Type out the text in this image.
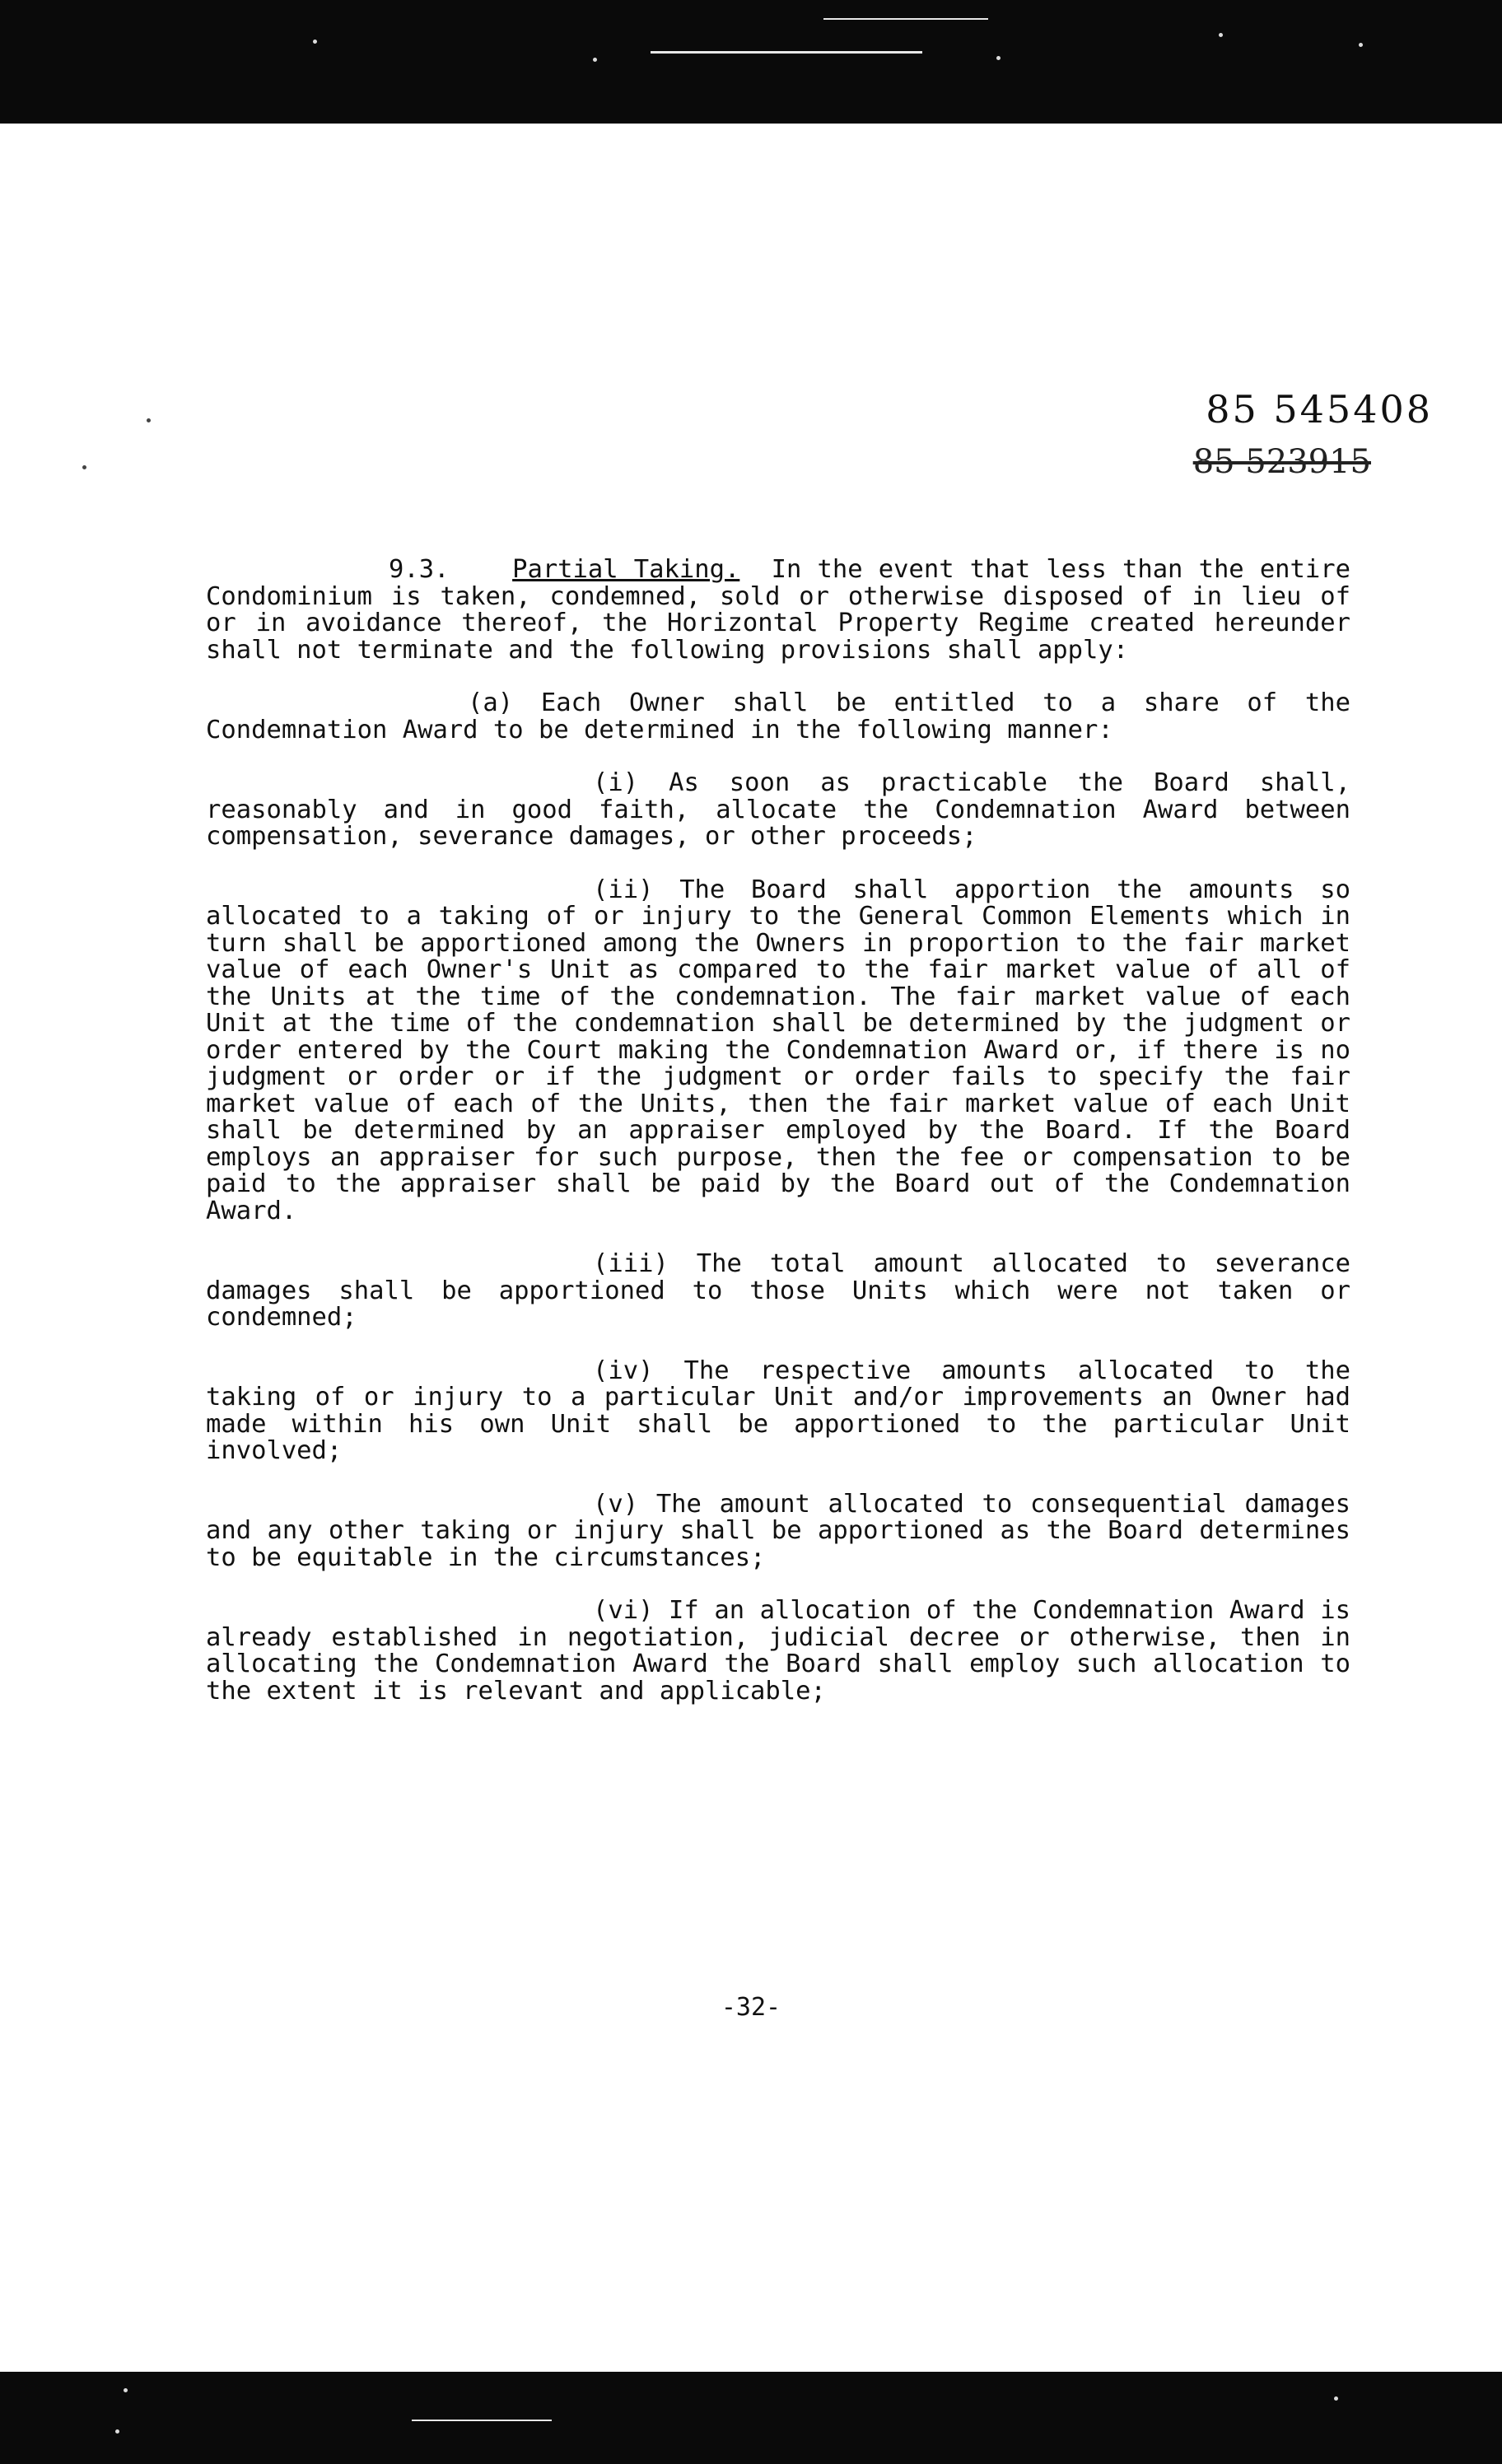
85 545408
85 523915

9.3.	Partial Taking. In the event that less than the entire Condominium is taken, condemned, sold or otherwise disposed of in lieu of or in avoidance thereof, the Horizontal Property Regime created hereunder shall not terminate and the following provisions shall apply:

(a) Each Owner shall be entitled to a share of the Condemnation Award to be determined in the following manner:

(i) As soon as practicable the Board shall, reasonably and in good faith, allocate the Condemnation Award between compensation, severance damages, or other proceeds;

(ii) The Board shall apportion the amounts so allocated to a taking of or injury to the General Common Elements which in turn shall be apportioned among the Owners in proportion to the fair market value of each Owner's Unit as compared to the fair market value of all of the Units at the time of the condemnation. The fair market value of each Unit at the time of the condemnation shall be determined by the judgment or order entered by the Court making the Condemnation Award or, if there is no judgment or order or if the judgment or order fails to specify the fair market value of each of the Units, then the fair market value of each Unit shall be determined by an appraiser employed by the Board. If the Board employs an appraiser for such purpose, then the fee or compensation to be paid to the appraiser shall be paid by the Board out of the Condemnation Award.

(iii) The total amount allocated to severance damages shall be apportioned to those Units which were not taken or condemned;

(iv) The respective amounts allocated to the taking of or injury to a particular Unit and/or improvements an Owner had made within his own Unit shall be apportioned to the particular Unit involved;

(v) The amount allocated to consequential damages and any other taking or injury shall be apportioned as the Board determines to be equitable in the circumstances;

(vi) If an allocation of the Condemnation Award is already established in negotiation, judicial decree or otherwise, then in allocating the Condemnation Award the Board shall employ such allocation to the extent it is relevant and applicable;

-32-
